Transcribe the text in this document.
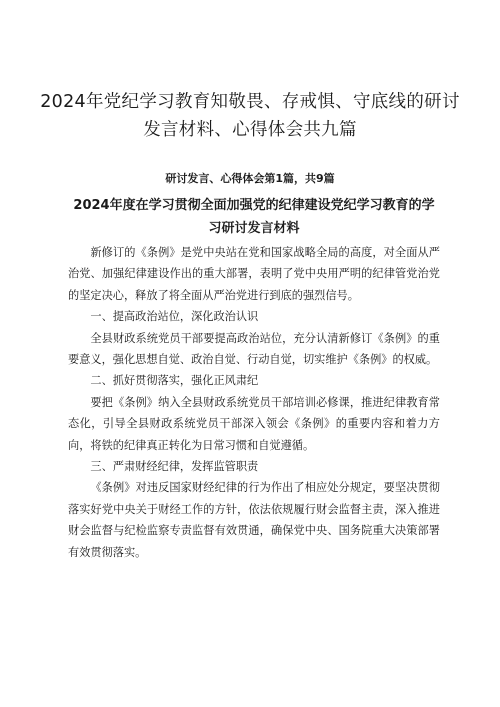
2024年党纪学习教育知敬畏、存戒惧、守底线的研讨发言材料、心得体会共九篇
研讨发言、心得体会第1篇，共9篇
2024年度在学习贯彻全面加强党的纪律建设党纪学习教育的学习研讨发言材料

新修订的《条例》是党中央站在党和国家战略全局的高度，对全面从严治党、加强纪律建设作出的重大部署，表明了党中央用严明的纪律管党治党的坚定决心，释放了将全面从严治党进行到底的强烈信号。

一、提高政治站位，深化政治认识

全县财政系统党员干部要提高政治站位，充分认清新修订《条例》的重要意义，强化思想自觉、政治自觉、行动自觉，切实维护《条例》的权威。

二、抓好贯彻落实，强化正风肃纪

要把《条例》纳入全县财政系统党员干部培训必修课，推进纪律教育常态化，引导全县财政系统党员干部深入领会《条例》的重要内容和着力方向，将铁的纪律真正转化为日常习惯和自觉遵循。

三、严肃财经纪律，发挥监管职责

《条例》对违反国家财经纪律的行为作出了相应处分规定，要坚决贯彻落实好党中央关于财经工作的方针，依法依规履行财会监督主责，深入推进财会监督与纪检监察专责监督有效贯通，确保党中央、国务院重大决策部署有效贯彻落实。
